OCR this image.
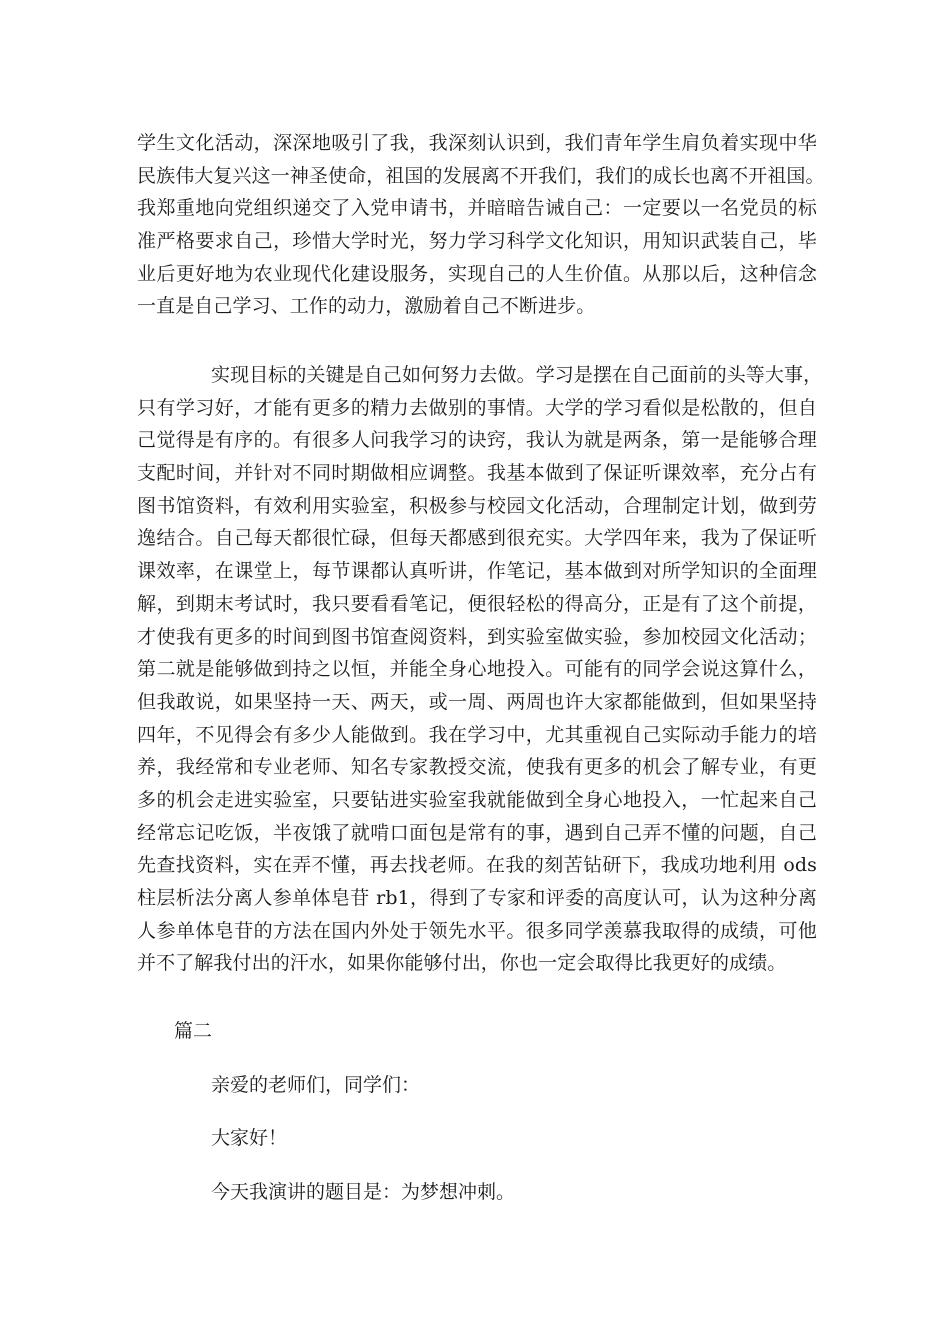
学生文化活动，深深地吸引了我，我深刻认识到，我们青年学生肩负着实现中华
民族伟大复兴这一神圣使命，祖国的发展离不开我们，我们的成长也离不开祖国。
我郑重地向党组织递交了入党申请书，并暗暗告诫自己：一定要以一名党员的标
准严格要求自己，珍惜大学时光，努力学习科学文化知识，用知识武装自己，毕
业后更好地为农业现代化建设服务，实现自己的人生价值。从那以后，这种信念
一直是自己学习、工作的动力，激励着自己不断进步。
实现目标的关键是自己如何努力去做。学习是摆在自己面前的头等大事，
只有学习好，才能有更多的精力去做别的事情。大学的学习看似是松散的，但自
己觉得是有序的。有很多人问我学习的诀窍，我认为就是两条，第一是能够合理
支配时间，并针对不同时期做相应调整。我基本做到了保证听课效率，充分占有
图书馆资料，有效利用实验室，积极参与校园文化活动，合理制定计划，做到劳
逸结合。自己每天都很忙碌，但每天都感到很充实。大学四年来，我为了保证听
课效率，在课堂上，每节课都认真听讲，作笔记，基本做到对所学知识的全面理
解，到期末考试时，我只要看看笔记，便很轻松的得高分，正是有了这个前提，
才使我有更多的时间到图书馆查阅资料，到实验室做实验，参加校园文化活动；
第二就是能够做到持之以恒，并能全身心地投入。可能有的同学会说这算什么，
但我敢说，如果坚持一天、两天，或一周、两周也许大家都能做到，但如果坚持
四年，不见得会有多少人能做到。我在学习中，尤其重视自己实际动手能力的培
养，我经常和专业老师、知名专家教授交流，使我有更多的机会了解专业，有更
多的机会走进实验室，只要钻进实验室我就能做到全身心地投入，一忙起来自己
经常忘记吃饭，半夜饿了就啃口面包是常有的事，遇到自己弄不懂的问题，自己
先查找资料，实在弄不懂，再去找老师。在我的刻苦钻研下，我成功地利用 ods
柱层析法分离人参单体皂苷 rb1，得到了专家和评委的高度认可，认为这种分离
人参单体皂苷的方法在国内外处于领先水平。很多同学羡慕我取得的成绩，可他
并不了解我付出的汗水，如果你能够付出，你也一定会取得比我更好的成绩。
篇二
亲爱的老师们，同学们：
大家好！
今天我演讲的题目是：为梦想冲刺。
